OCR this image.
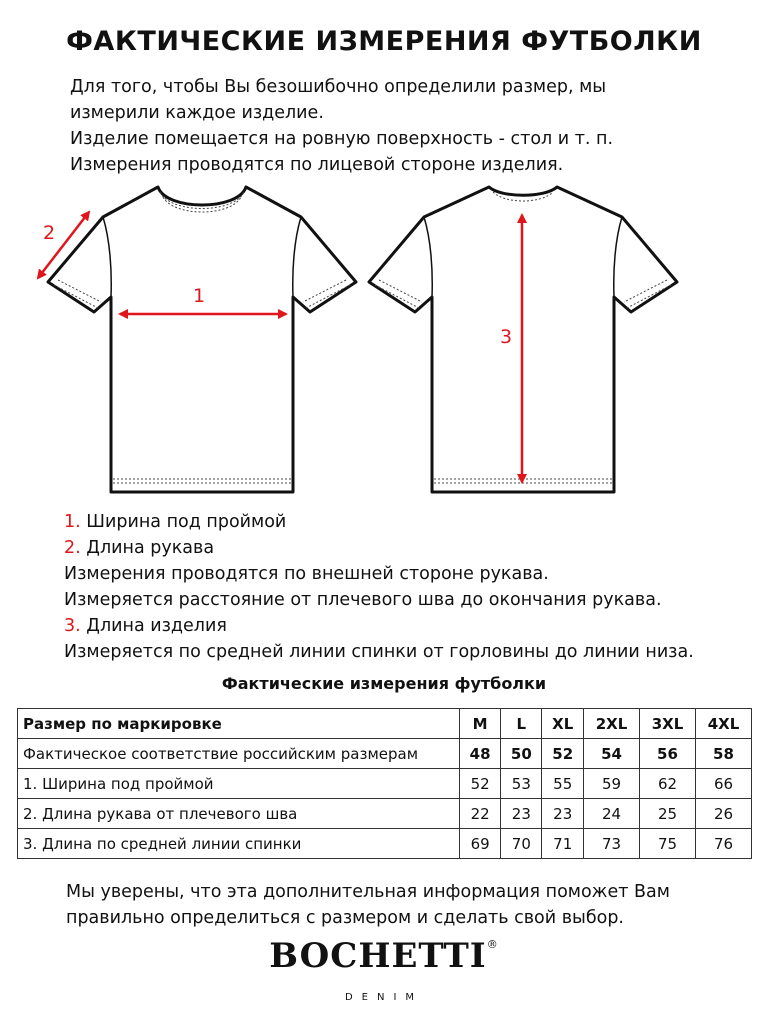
ФАКТИЧЕСКИЕ ИЗМЕРЕНИЯ ФУТБОЛКИ
Для того, чтобы Вы безошибочно определили размер, мы
измерили каждое изделие.
Изделие помещается на ровную поверхность - стол и т. п.
Измерения проводятся по лицевой стороне изделия.
1
2
3
1. Ширина под проймой
2. Длина рукава
Измерения проводятся по внешней стороне рукава.
Измеряется расстояние от плечевого шва до окончания рукава.
3. Длина изделия
Измеряется по средней линии спинки от горловины до линии низа.
Фактические измерения футболки
Размер по маркировке	M	L	XL	2XL	3XL	4XL
Фактическое соответствие российским размерам	48	50	52	54	56	58
1. Ширина под проймой	52	53	55	59	62	66
2. Длина рукава от плечевого шва	22	23	23	24	25	26
3. Длина по средней линии спинки	69	70	71	73	75	76
Мы уверены, что эта дополнительная информация поможет Вам
правильно определиться с размером и сделать свой выбор.
BOCHETTI®
DENIM
